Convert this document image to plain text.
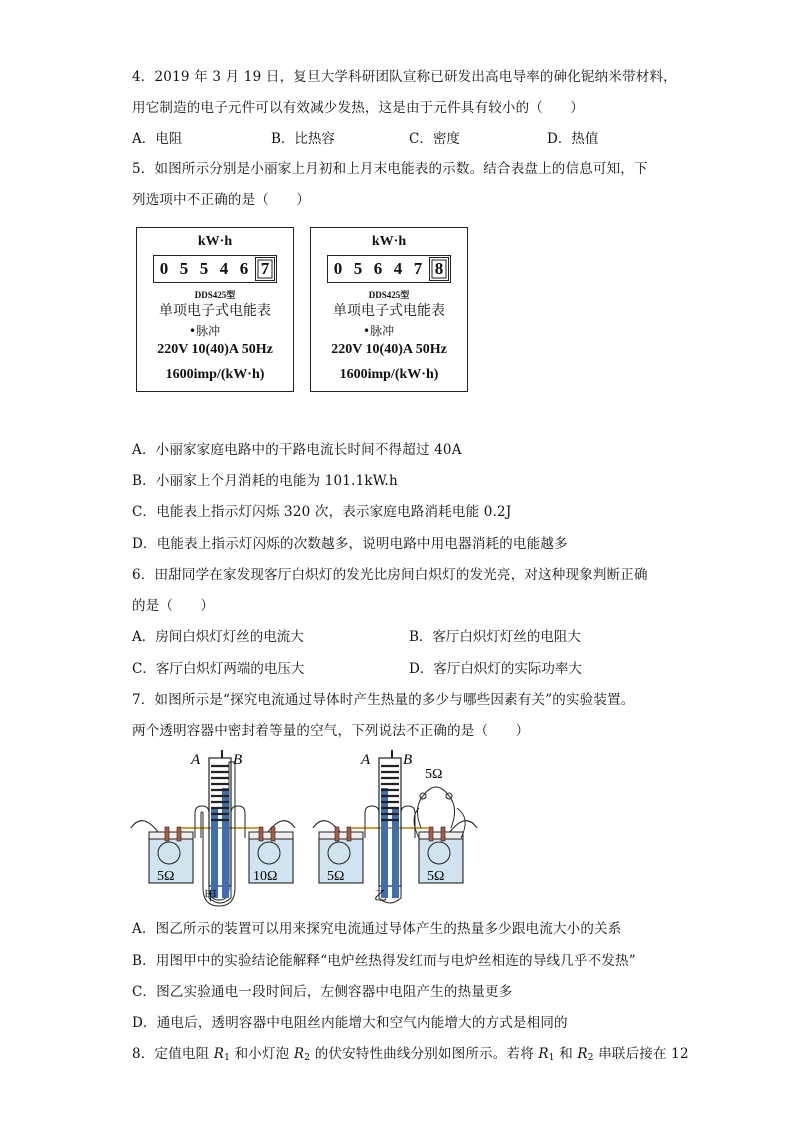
4．2019 年 3 月 19 日，复旦大学科研团队宣称已研发出高电导率的砷化铌纳米带材料，
用它制造的电子元件可以有效减少发热，这是由于元件具有较小的（　　）
A．电阻	B．比热容	C．密度	D．热值
5．如图所示分别是小丽家上月初和上月末电能表的示数。结合表盘上的信息可知，下
列选项中不正确的是（　　）
kW·h
0 5 5 4 6 7
DDS425型
单项电子式电能表
•脉冲
220V 10(40)A 50Hz
1600imp/(kW·h)
kW·h
0 5 6 4 7 8
DDS425型
单项电子式电能表
•脉冲
220V 10(40)A 50Hz
1600imp/(kW·h)
A．小丽家家庭电路中的干路电流长时间不得超过 40A
B．小丽家上个月消耗的电能为 101.1kW.h
C．电能表上指示灯闪烁 320 次，表示家庭电路消耗电能 0.2J
D．电能表上指示灯闪烁的次数越多，说明电路中用电器消耗的电能越多
6．田甜同学在家发现客厅白炽灯的发光比房间白炽灯的发光亮，对这种现象判断正确
的是（　　）
A．房间白炽灯灯丝的电流大	B．客厅白炽灯灯丝的电阻大
C．客厅白炽灯两端的电压大	D．客厅白炽灯的实际功率大
7．如图所示是“探究电流通过导体时产生热量的多少与哪些因素有关”的实验装置。
两个透明容器中密封着等量的空气，下列说法不正确的是（　　）
A B
5Ω	10Ω
甲
A B
5Ω
5Ω	5Ω
乙
A．图乙所示的装置可以用来探究电流通过导体产生的热量多少跟电流大小的关系
B．用图甲中的实验结论能解释“电炉丝热得发红而与电炉丝相连的导线几乎不发热”
C．图乙实验通电一段时间后，左侧容器中电阻产生的热量更多
D．通电后，透明容器中电阻丝内能增大和空气内能增大的方式是相同的
8．定值电阻 $R_1$ 和小灯泡 $R_2$ 的伏安特性曲线分别如图所示。若将 $R_1$ 和 $R_2$ 串联后接在 12
